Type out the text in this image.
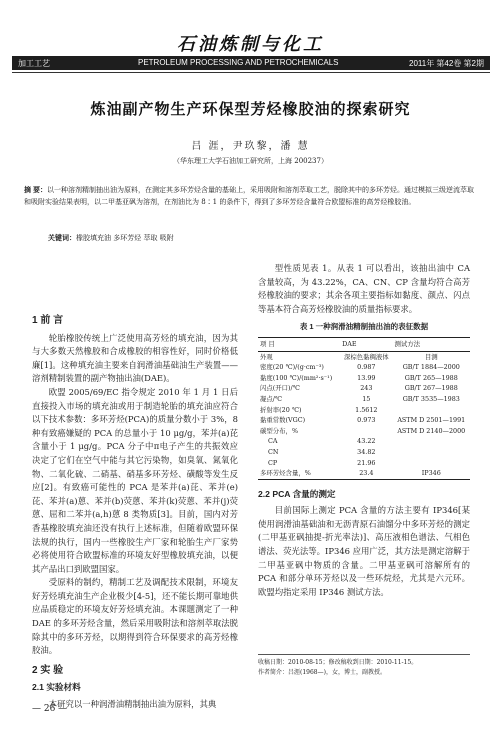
石油炼制与化工
加工工艺	PETROLEUM PROCESSING AND PETROCHEMICALS	2011年 第42卷 第2期
炼油副产物生产环保型芳烃橡胶油的探索研究
吕 涯，尹玖黎，潘 慧
（华东理工大学石油加工研究所，上海 200237）
摘 要：以一种溶剂精制抽出油为原料，在测定其多环芳烃含量的基础上，采用吸附和溶剂萃取工艺，脱除其中的多环芳烃。通过模拟三级逆流萃取和吸附实验结果表明，以二甲基亚砜为溶剂，在剂油比为 8∶1 的条件下，得到了多环芳烃含量符合欧盟标准的高芳烃橡胶油。
关键词：橡胶填充油 多环芳烃 萃取 吸附
1 前 言

轮胎橡胶传统上广泛使用高芳烃的填充油，因为其与大多数天然橡胶和合成橡胶的相容性好，同时价格低廉[1]。这种填充油主要来自润滑油基础油生产装置——溶剂精制装置的副产物抽出油(DAE)。

欧盟 2005/69/EC 指令规定 2010 年 1 月 1 日后直接投入市场的填充油或用于制造轮胎的填充油应符合以下技术参数：多环芳烃(PCA)的质量分数小于 3%，8 种有致癌嫌疑的 PCA 的总量小于 10 μg/g，苯并(a)芘含量小于 1 μg/g。PCA 分子中π电子产生的共振效应决定了它们在空气中能与其它污染物，如臭氧、氮氧化物、二氧化硫、二硝基、硝基多环芳烃、磺酸等发生反应[2]。有致癌可能性的 PCA 是苯并(a)芘、苯并(e)芘、苯并(a)蒽、苯并(b)荧蒽、苯并(k)荧蒽、苯并(j)荧蒽、屈和二苯并(a,h)蒽 8 类物质[3]。目前，国内对芳香基橡胶填充油还没有执行上述标准，但随着欧盟环保法规的执行，国内一些橡胶生产厂家和轮胎生产厂家势必将使用符合欧盟标准的环境友好型橡胶填充油，以便其产品出口到欧盟国家。

受原料的制约，精制工艺及调配技术限制，环境友好芳烃填充油生产企业极少[4-5]，还不能长期可靠地供应品质稳定的环境友好芳烃填充油。本课题测定了一种 DAE 的多环芳烃含量，然后采用吸附法和溶剂萃取法脱除其中的多环芳烃，以期得到符合环保要求的高芳烃橡胶油。

2 实 验
2.1 实验材料

本研究以一种润滑油精制抽出油为原料，其典

型性质见表 1。从表 1 可以看出，该抽出油中 CA 含量较高，为 43.22%，CA、CN、CP 含量均符合高芳烃橡胶油的要求；其余各项主要指标如黏度、颜点、闪点等基本符合高芳烃橡胶油的质量指标要求。

表 1 一种润滑油精制抽出油的表征数据
项 目	DAE	测试方法
外观	深棕色黏稠液体	目测
密度(20 ℃)/(g·cm⁻³)	0.987	GB/T 1884—2000
黏度(100 ℃)/(mm²·s⁻¹)	13.99	GB/T 265—1988
闪点(开口)/℃	243	GB/T 267—1988
凝点/℃	15	GB/T 3535—1983
折射率(20 ℃)	1.5612	
黏重常数(VGC)	0.973	ASTM D 2501—1991
碳型分布，%		ASTM D 2140—2000
CA	43.22	
CN	34.82	
CP	21.96	
多环芳烃含量，%	23.4	IP346
2.2 PCA 含量的测定

目前国际上测定 PCA 含量的方法主要有 IP346[某使用润滑油基础油和无沥青原石油馏分中多环芳烃的测定(二甲基亚砜抽提-折光率法)]、高压液相色谱法、气相色谱法、荧光法等。IP346 应用广泛，其方法是测定溶解于二甲基亚砜中物质的含量。二甲基亚砜可溶解所有的 PCA 和部分单环芳烃以及一些环烷烃，尤其是六元环。欧盟均指定采用 IP346 测试方法。

收稿日期：2010-08-15；修改稿收到日期：2010-11-15。
作者简介：吕涯(1968—)，女，博士，副教授。
— 26 —
